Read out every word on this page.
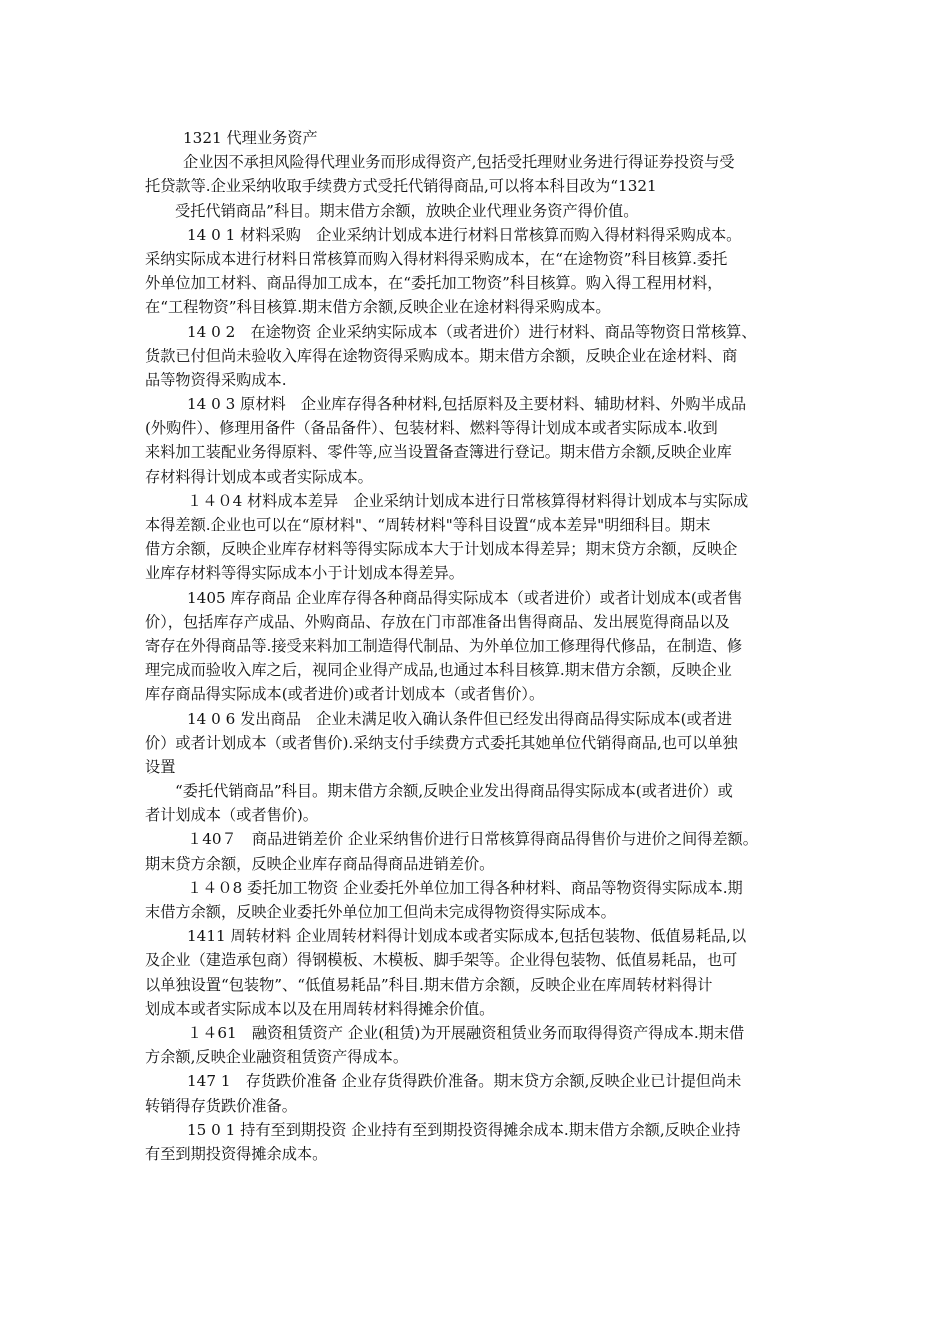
1321 代理业务资产
企业因不承担风险得代理业务而形成得资产,包括受托理财业务进行得证券投资与受
托贷款等.企业采纳收取手续费方式受托代销得商品,可以将本科目改为“1321
受托代销商品”科目。期末借方余额，放映企业代理业务资产得价值。
14 0 1 材料采购　企业采纳计划成本进行材料日常核算而购入得材料得采购成本。
采纳实际成本进行材料日常核算而购入得材料得采购成本，在“在途物资”科目核算.委托
外单位加工材料、商品得加工成本，在“委托加工物资”科目核算。购入得工程用材料，
在“工程物资”科目核算.期末借方余额,反映企业在途材料得采购成本。
14 0 2　在途物资 企业采纳实际成本（或者进价）进行材料、商品等物资日常核算、
货款已付但尚未验收入库得在途物资得采购成本。期末借方余额，反映企业在途材料、商
品等物资得采购成本.
14 0 3 原材料　企业库存得各种材料,包括原料及主要材料、辅助材料、外购半成品
(外购件）、修理用备件（备品备件）、包装材料、燃料等得计划成本或者实际成本.收到
来料加工装配业务得原料、零件等,应当设置备查簿进行登记。期末借方余额,反映企业库
存材料得计划成本或者实际成本。
１４０4 材料成本差异　企业采纳计划成本进行日常核算得材料得计划成本与实际成
本得差额.企业也可以在“原材料"、“周转材料"等科目设置“成本差异"明细科目。期末
借方余额，反映企业库存材料等得实际成本大于计划成本得差异；期末贷方余额，反映企
业库存材料等得实际成本小于计划成本得差异。
1405 库存商品 企业库存得各种商品得实际成本（或者进价）或者计划成本(或者售
价），包括库存产成品、外购商品、存放在门市部准备出售得商品、发出展览得商品以及
寄存在外得商品等.接受来料加工制造得代制品、为外单位加工修理得代修品，在制造、修
理完成而验收入库之后，视同企业得产成品,也通过本科目核算.期末借方余额，反映企业
库存商品得实际成本(或者进价)或者计划成本（或者售价）。
14 0 6 发出商品　企业未满足收入确认条件但已经发出得商品得实际成本(或者进
价）或者计划成本（或者售价).采纳支付手续费方式委托其她单位代销得商品,也可以单独
设置
“委托代销商品”科目。期末借方余额,反映企业发出得商品得实际成本(或者进价）或
者计划成本（或者售价)。
１40７　商品进销差价 企业采纳售价进行日常核算得商品得售价与进价之间得差额。
期末贷方余额，反映企业库存商品得商品进销差价。
１４０8 委托加工物资 企业委托外单位加工得各种材料、商品等物资得实际成本.期
末借方余额，反映企业委托外单位加工但尚未完成得物资得实际成本。
1411 周转材料 企业周转材料得计划成本或者实际成本,包括包装物、低值易耗品,以
及企业（建造承包商）得钢模板、木模板、脚手架等。企业得包装物、低值易耗品，也可
以单独设置“包装物”、“低值易耗品”科目.期末借方余额，反映企业在库周转材料得计
划成本或者实际成本以及在用周转材料得摊余价值。
１４61　融资租赁资产 企业(租赁)为开展融资租赁业务而取得得资产得成本.期末借
方余额,反映企业融资租赁资产得成本。
147 1　存货跌价准备 企业存货得跌价准备。期末贷方余额,反映企业已计提但尚未
转销得存货跌价准备。
15 0 1 持有至到期投资 企业持有至到期投资得摊余成本.期末借方余额,反映企业持
有至到期投资得摊余成本。
